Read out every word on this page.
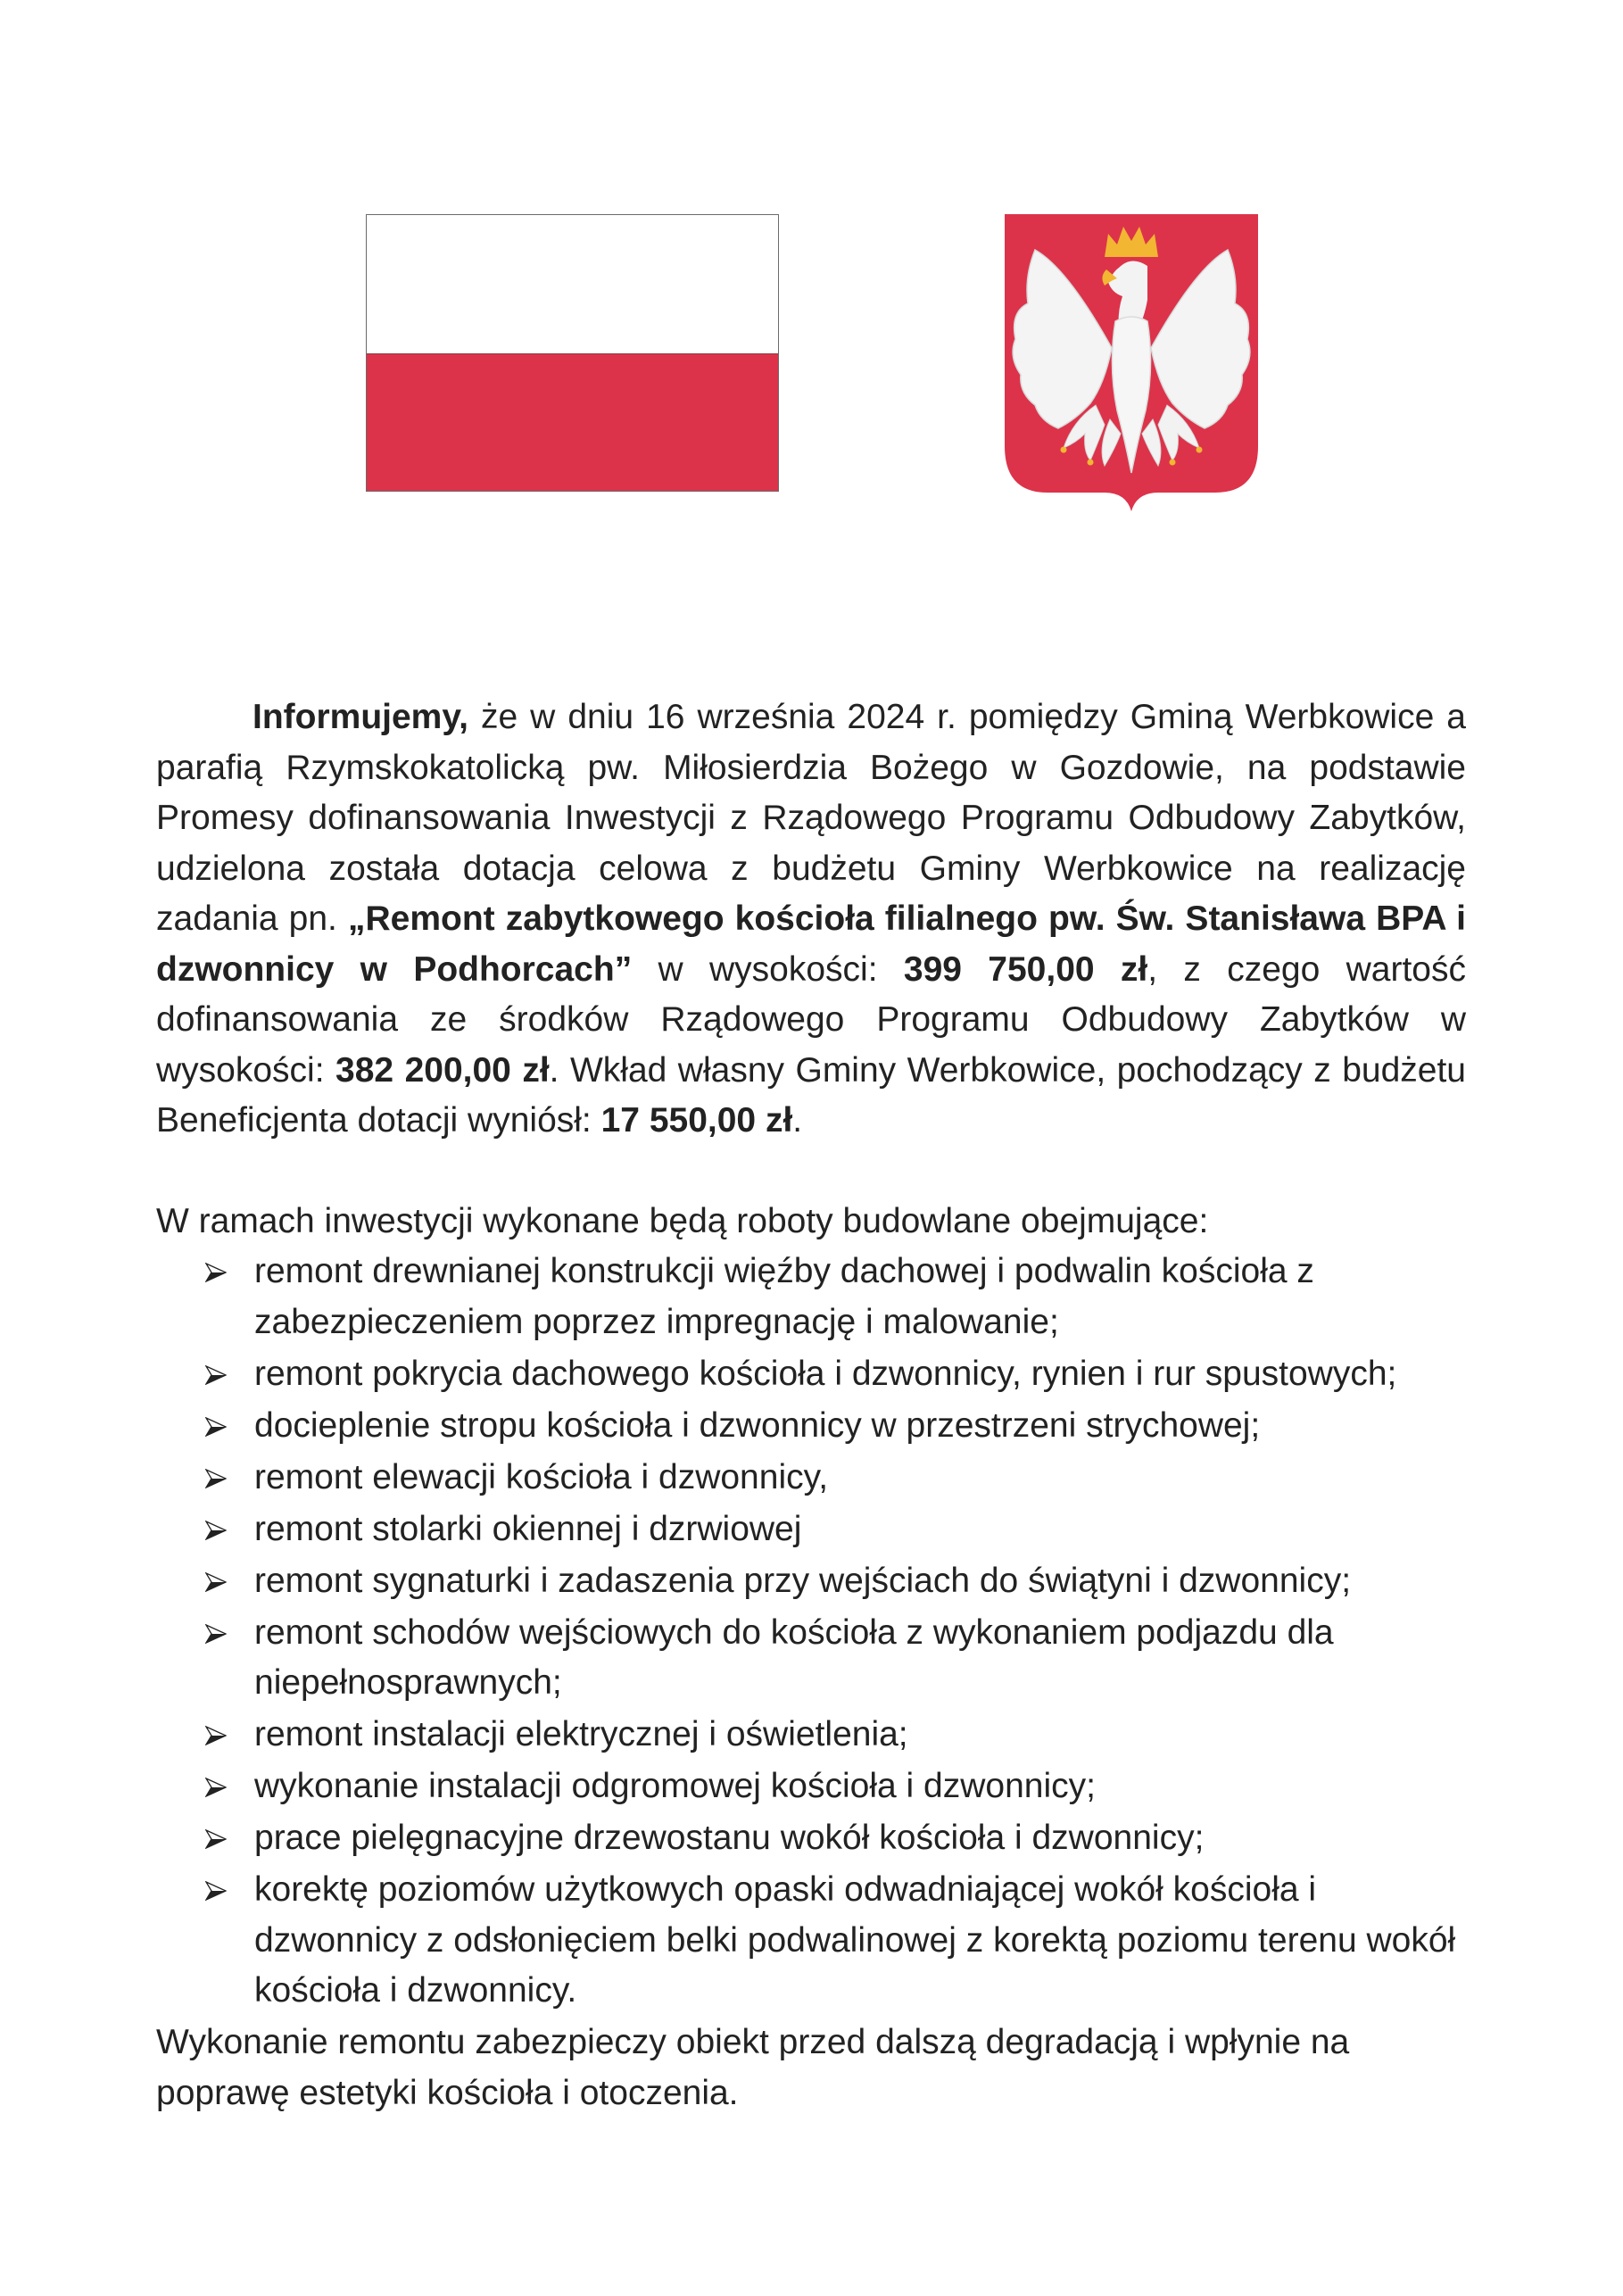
Informujemy, że w dniu 16 września 2024 r. pomiędzy Gminą Werbkowice a parafią Rzymskokatolicką pw. Miłosierdzia Bożego w Gozdowie, na podstawie Promesy dofinansowania Inwestycji z Rządowego Programu Odbudowy Zabytków, udzielona została dotacja celowa z budżetu Gminy Werbkowice na realizację zadania pn. „Remont zabytkowego kościoła filialnego pw. Św. Stanisława BPA i dzwonnicy w Podhorcach” w wysokości: 399 750,00 zł, z czego wartość dofinansowania ze środków Rządowego Programu Odbudowy Zabytków w wysokości: 382 200,00 zł. Wkład własny Gminy Werbkowice, pochodzący z budżetu Beneficjenta dotacji wyniósł: 17 550,00 zł.

W ramach inwestycji wykonane będą roboty budowlane obejmujące:

remont drewnianej konstrukcji więźby dachowej i podwalin kościoła z zabezpieczeniem poprzez impregnację i malowanie;
remont pokrycia dachowego kościoła i dzwonnicy, rynien i rur spustowych;
docieplenie stropu kościoła i dzwonnicy w przestrzeni strychowej;
remont elewacji kościoła i dzwonnicy,
remont stolarki okiennej i dzrwiowej
remont sygnaturki i zadaszenia przy wejściach do świątyni i dzwonnicy;
remont schodów wejściowych do kościoła z wykonaniem podjazdu dla niepełnosprawnych;
remont instalacji elektrycznej i oświetlenia;
wykonanie instalacji odgromowej kościoła i dzwonnicy;
prace pielęgnacyjne drzewostanu wokół kościoła i dzwonnicy;
korektę poziomów użytkowych opaski odwadniającej wokół kościoła i dzwonnicy z odsłonięciem belki podwalinowej z korektą poziomu terenu wokół kościoła i dzwonnicy.

Wykonanie remontu zabezpieczy obiekt przed dalszą degradacją i wpłynie na poprawę estetyki kościoła i otoczenia.
